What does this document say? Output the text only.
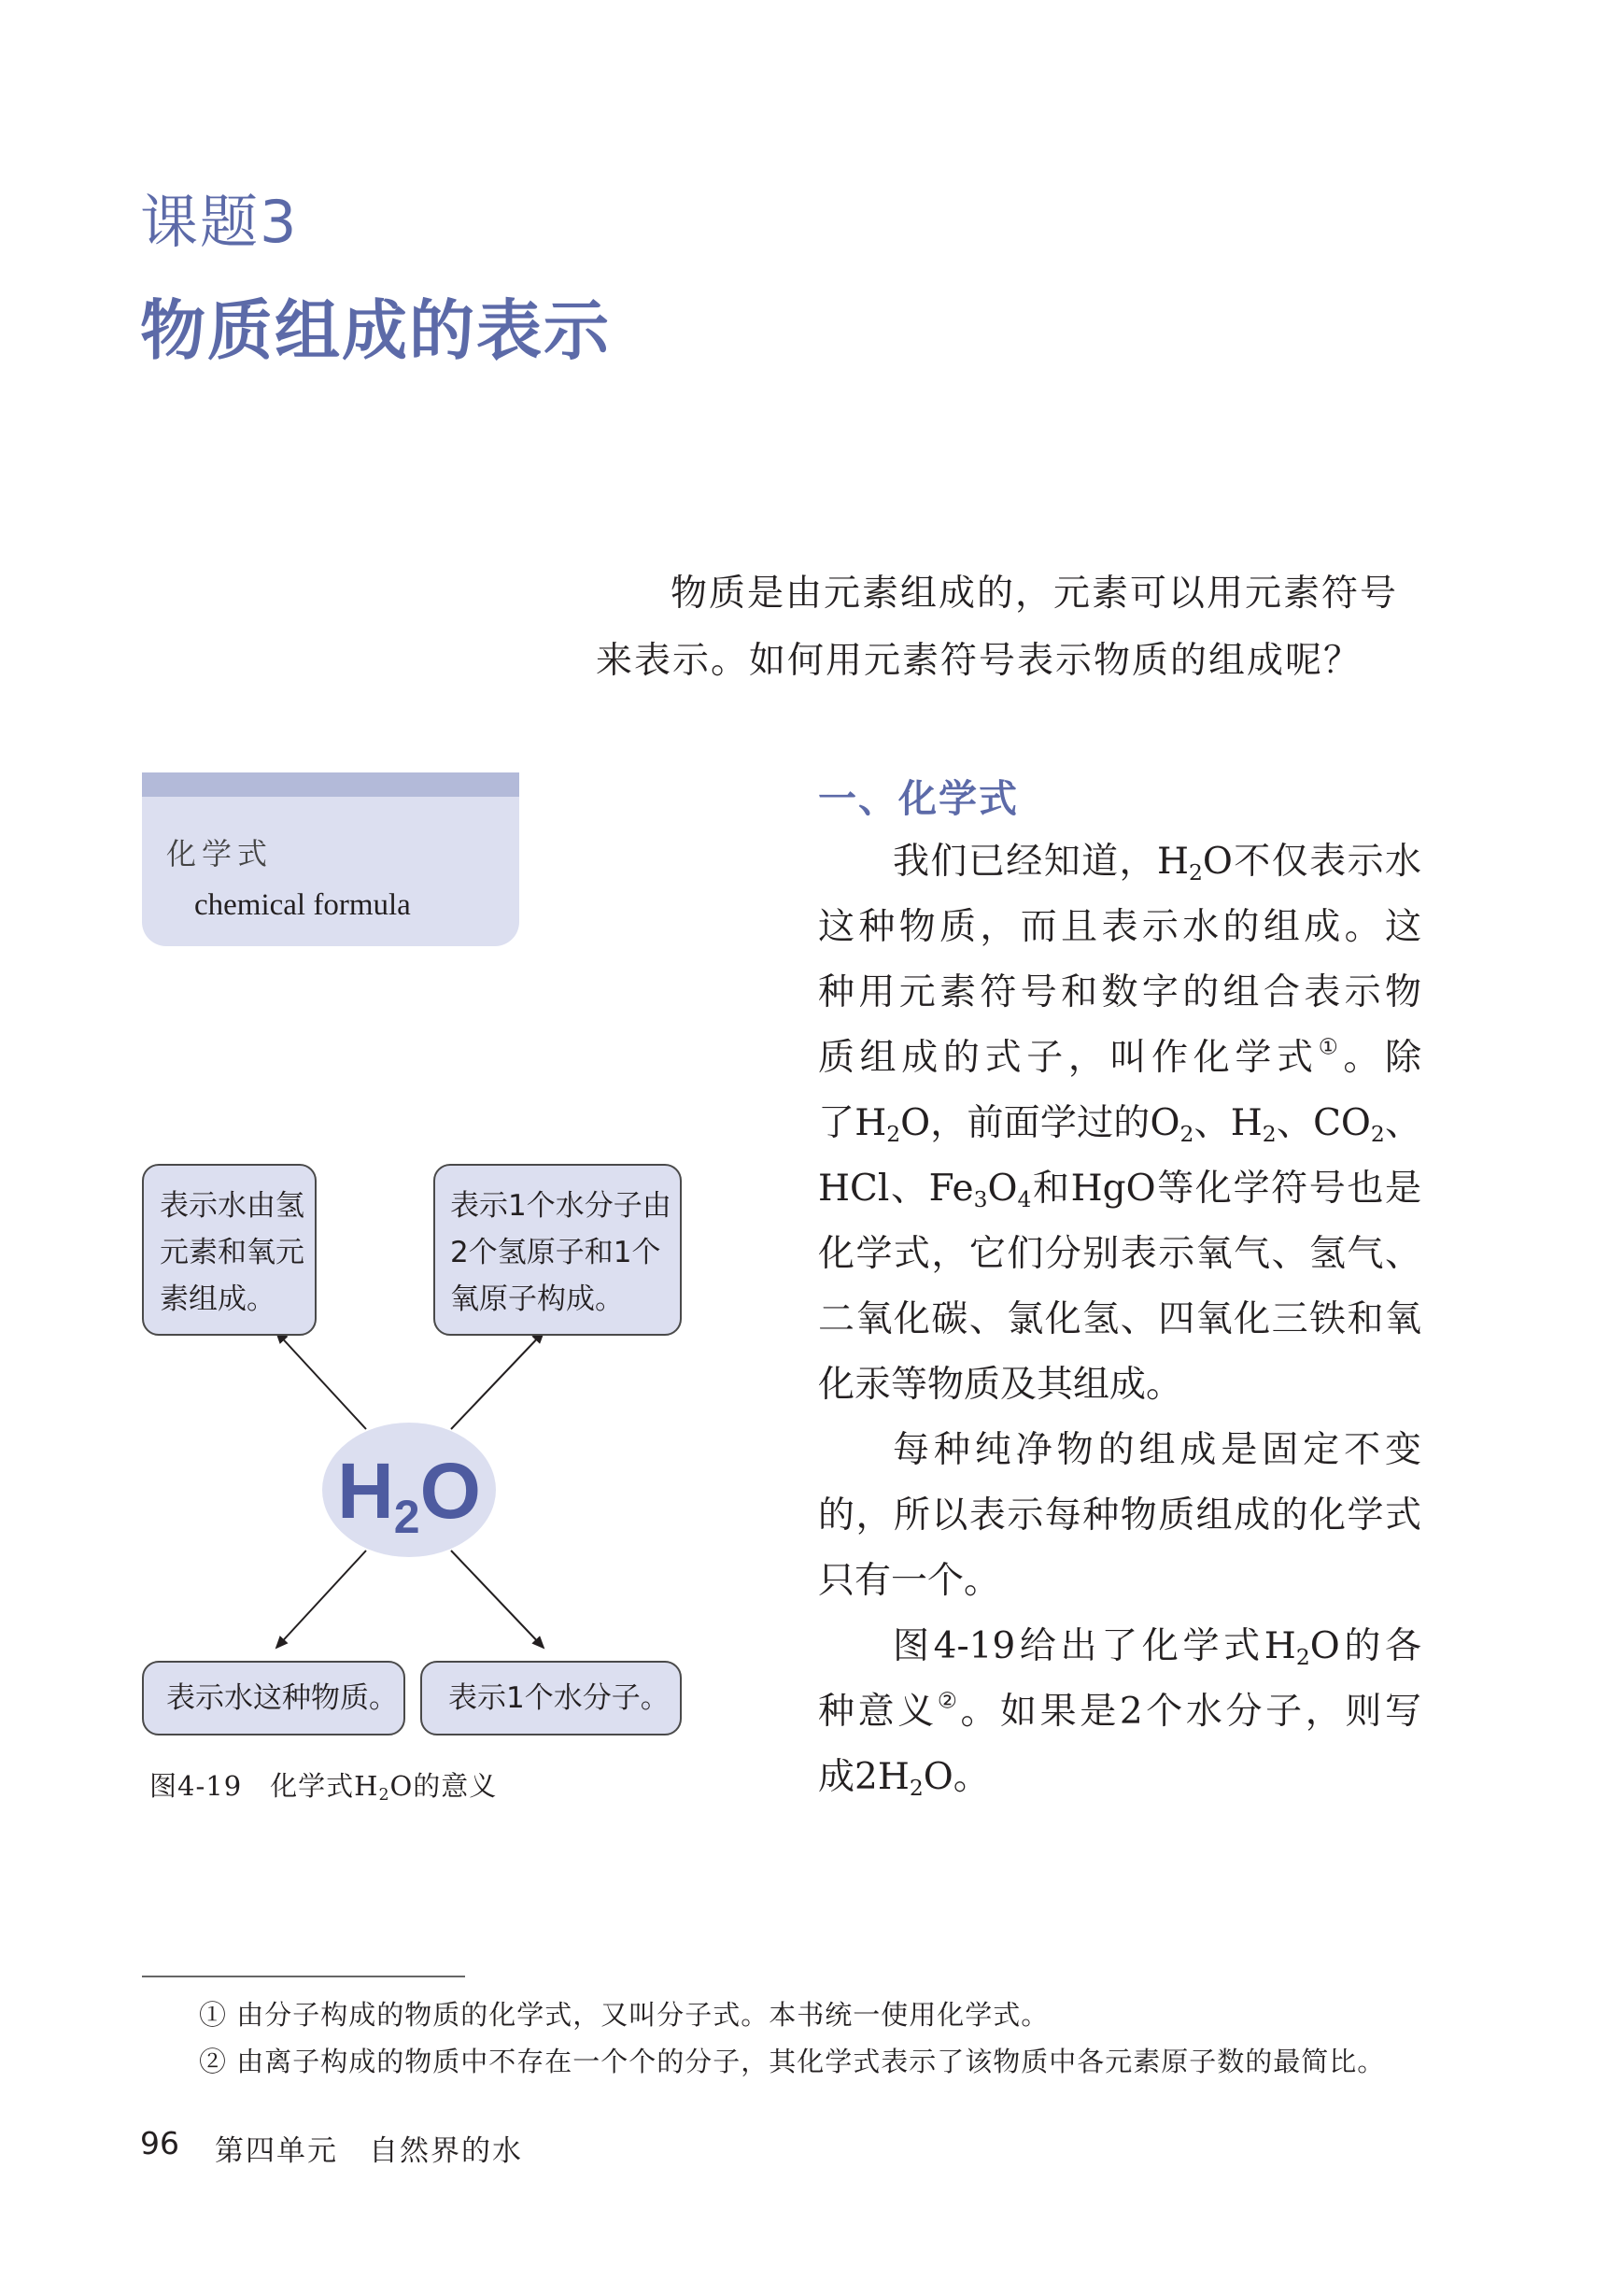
课题3
物质组成的表示
物质是由元素组成的，元素可以用元素符号
来表示。如何用元素符号表示物质的组成呢？
化学式
chemical formula
一、化学式
我们已经知道，$H_2O$不仅表示水
这种物质，而且表示水的组成。这
种用元素符号和数字的组合表示物
质组成的式子，叫作化学式①。除
了$H_2O$，前面学过的$O_2$、$H_2$、$CO_2$、
HCl、$Fe_3O_4$和HgO等化学符号也是
化学式，它们分别表示氧气、氢气、
二氧化碳、氯化氢、四氧化三铁和氧
化汞等物质及其组成。
每种纯净物的组成是固定不变
的，所以表示每种物质组成的化学式
只有一个。
图4-19给出了化学式$H_2O$的各
种意义②。如果是2个水分子，则写
成$2H_2O$。
H2O
表示水由氢
元素和氧元
素组成。
表示1个水分子由
2个氢原子和1个
氧原子构成。
表示水这种物质。 表示1个水分子。
图4-19　化学式$H_2O$的意义
① 由分子构成的物质的化学式，又叫分子式。本书统一使用化学式。
② 由离子构成的物质中不存在一个个的分子，其化学式表示了该物质中各元素原子数的最简比。
96 第四单元　自然界的水
